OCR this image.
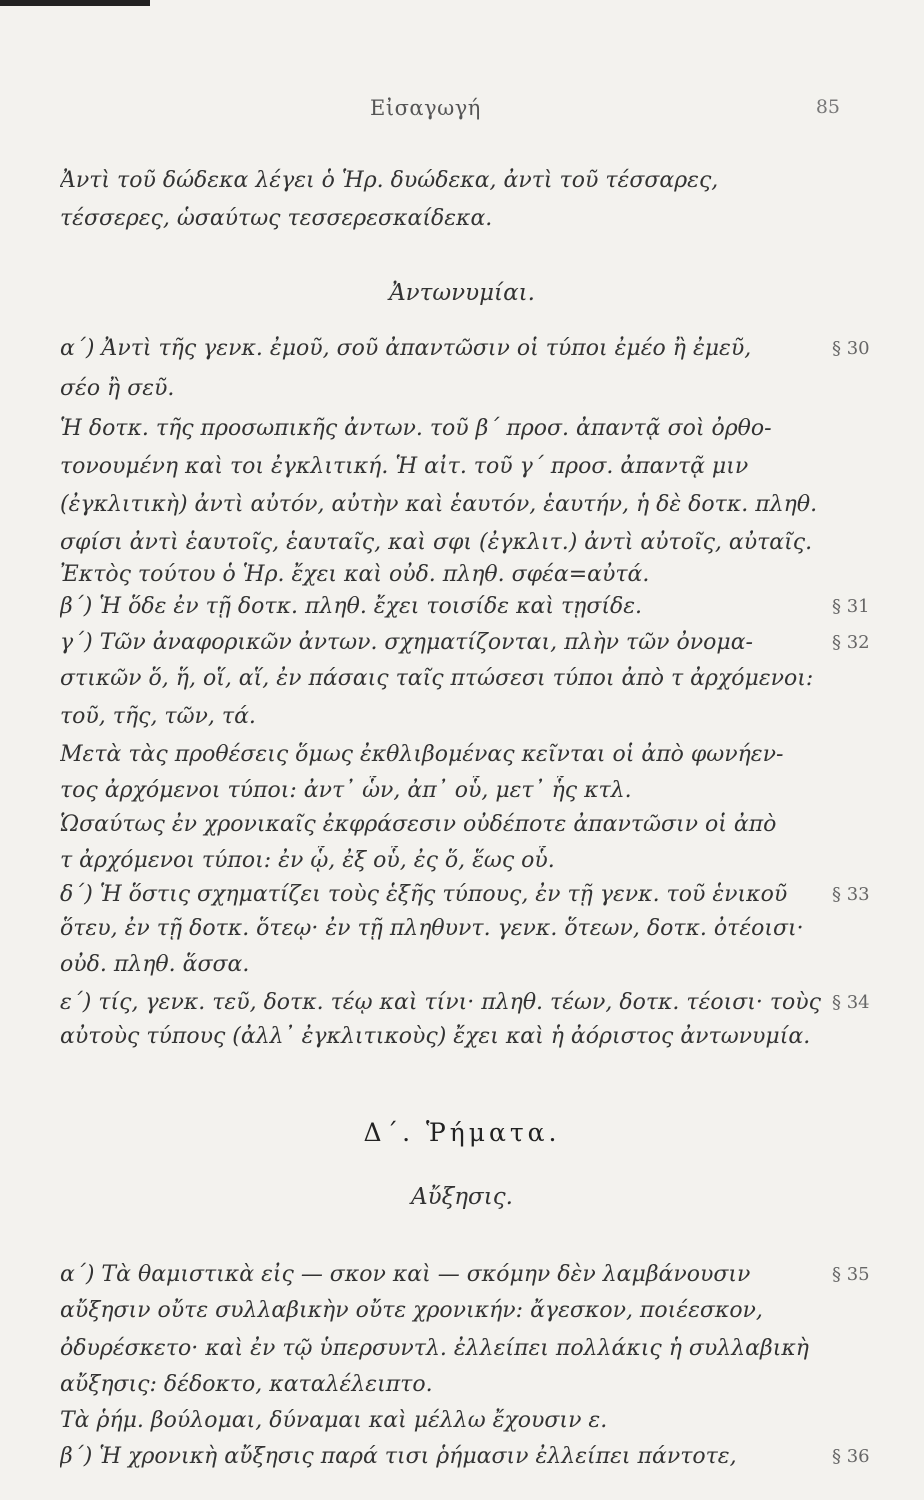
Εἰσαγωγή	85
Ἀντὶ τοῦ δώδεκα λέγει ὁ Ἡρ. δυώδεκα, ἀντὶ τοῦ τέσσαρες,
τέσσερες, ὡσαύτως τεσσερεσκαίδεκα.
Ἀντωνυμίαι.
α΄) Ἀντὶ τῆς γενκ. ἐμοῦ, σοῦ ἀπαντῶσιν οἱ τύποι ἐμέο ἢ ἐμεῦ,
σέο ἢ σεῦ.
Ἡ δοτκ. τῆς προσωπικῆς ἀντων. τοῦ β΄ προσ. ἀπαντᾷ σοὶ ὀρθο-
τονουμένη καὶ τοι ἐγκλιτική. Ἡ αἰτ. τοῦ γ΄ προσ. ἀπαντᾷ μιν
(ἐγκλιτικὴ) ἀντὶ αὐτόν, αὐτὴν καὶ ἑαυτόν, ἑαυτήν, ἡ δὲ δοτκ. πληθ.
σφίσι ἀντὶ ἑαυτοῖς, ἑαυταῖς, καὶ σφι (ἐγκλιτ.) ἀντὶ αὐτοῖς, αὐταῖς.
Ἐκτὸς τούτου ὁ Ἡρ. ἔχει καὶ οὐδ. πληθ. σφέα=αὐτά.
β΄) Ἡ ὅδε ἐν τῇ δοτκ. πληθ. ἔχει τοισίδε καὶ τῃσίδε.
γ΄) Τῶν ἀναφορικῶν ἀντων. σχηματίζονται, πλὴν τῶν ὀνομα-
στικῶν ὅ, ἥ, οἵ, αἵ, ἐν πάσαις ταῖς πτώσεσι τύποι ἀπὸ τ ἀρχόμενοι:
τοῦ, τῆς, τῶν, τά.
Μετὰ τὰς προθέσεις ὅμως ἐκθλιβομένας κεῖνται οἱ ἀπὸ φωνήεν-
τος ἀρχόμενοι τύποι: ἀντ᾽ ὧν, ἀπ᾽ οὗ, μετ᾽ ἧς κτλ.
Ὡσαύτως ἐν χρονικαῖς ἐκφράσεσιν οὐδέποτε ἀπαντῶσιν οἱ ἀπὸ
τ ἀρχόμενοι τύποι: ἐν ᾧ, ἐξ οὗ, ἐς ὅ, ἕως οὗ.
δ΄) Ἡ ὅστις σχηματίζει τοὺς ἑξῆς τύπους, ἐν τῇ γενκ. τοῦ ἑνικοῦ
ὅτευ, ἐν τῇ δοτκ. ὅτεῳ· ἐν τῇ πληθυντ. γενκ. ὅτεων, δοτκ. ὀτέοισι·
οὐδ. πληθ. ἅσσα.
ε΄) τίς, γενκ. τεῦ, δοτκ. τέῳ καὶ τίνι· πληθ. τέων, δοτκ. τέοισι· τοὺς
αὐτοὺς τύπους (ἀλλ᾽ ἐγκλιτικοὺς) ἔχει καὶ ἡ ἀόριστος ἀντωνυμία.
Δ΄. Ῥήματα.
Αὔξησις.
α΄) Τὰ θαμιστικὰ εἰς — σκον καὶ — σκόμην δὲν λαμβάνουσιν
αὔξησιν οὔτε συλλαβικὴν οὔτε χρονικήν: ἄγεσκον, ποιέεσκον,
ὀδυρέσκετο· καὶ ἐν τῷ ὑπερσυντλ. ἐλλείπει πολλάκις ἡ συλλαβικὴ
αὔξησις: δέδοκτο, καταλέλειπτο.
Τὰ ῥήμ. βούλομαι, δύναμαι καὶ μέλλω ἔχουσιν ε.
β΄) Ἡ χρονικὴ αὔξησις παρά τισι ῥήμασιν ἐλλείπει πάντοτε,
§ 30
§ 31
§ 32
§ 33
§ 34
§ 35
§ 36
